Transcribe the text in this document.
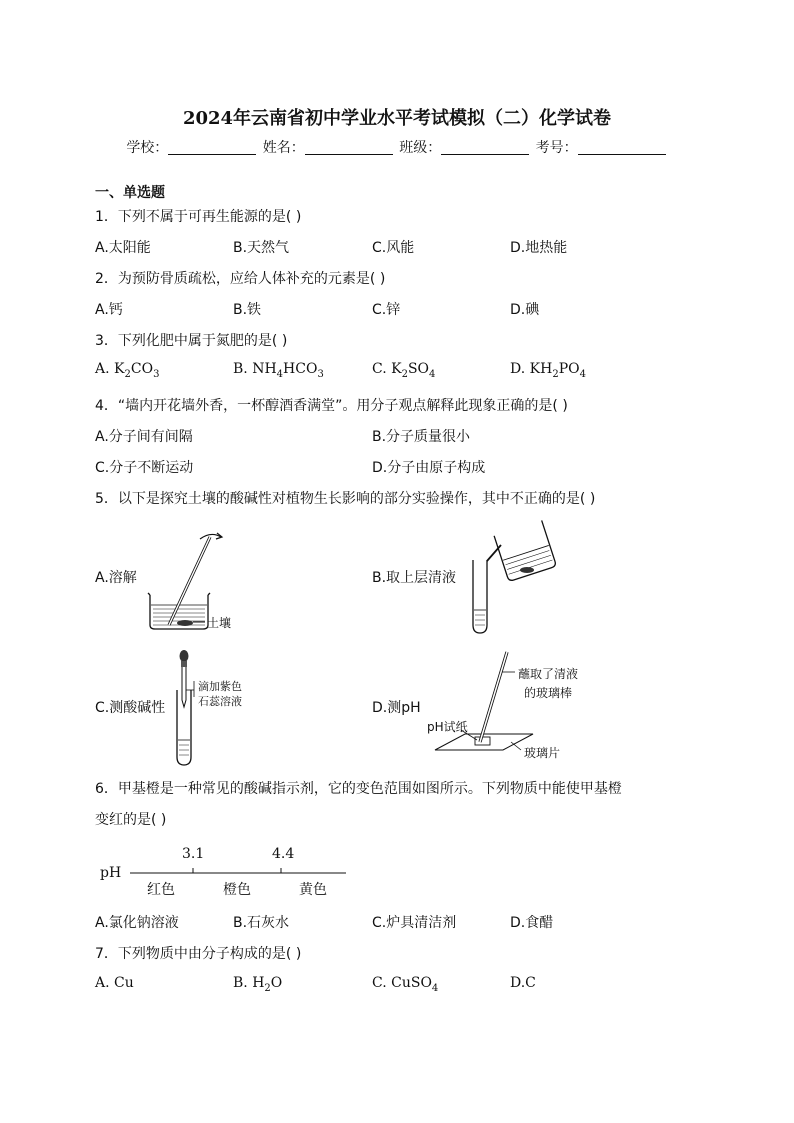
2024年云南省初中学业水平考试模拟（二）化学试卷
学校：	姓名：	班级：	考号：
一、单选题
1．下列不属于可再生能源的是( )
A.太阳能	B.天然气	C.风能	D.地热能
2．为预防骨质疏松，应给人体补充的元素是( )
A.钙	B.铁	C.锌	D.碘
3．下列化肥中属于氮肥的是( )
A. $K_2CO_3$	B. $NH_4HCO_3$	C. $K_2SO_4$	D. $KH_2PO_4$
4．“墙内开花墙外香，一杯醇酒香满堂”。用分子观点解释此现象正确的是( )
A.分子间有间隔	B.分子质量很小
C.分子不断运动	D.分子由原子构成
5．以下是探究土壤的酸碱性对植物生长影响的部分实验操作，其中不正确的是( )
A.溶解	B.取上层清液
C.测酸碱性	D.测pH
土壤
滴加紫色
石蕊溶液
蘸取了清液
的玻璃棒
pH试纸
玻璃片
6．甲基橙是一种常见的酸碱指示剂，它的变色范围如图所示。下列物质中能使甲基橙
变红的是( )
pH
3.1	4.4
红色	橙色	黄色
A.氯化钠溶液	B.石灰水	C.炉具清洁剂	D.食醋
7．下列物质中由分子构成的是( )
A. Cu	B. $H_2O$	C. CuSO$_4$	D.C
